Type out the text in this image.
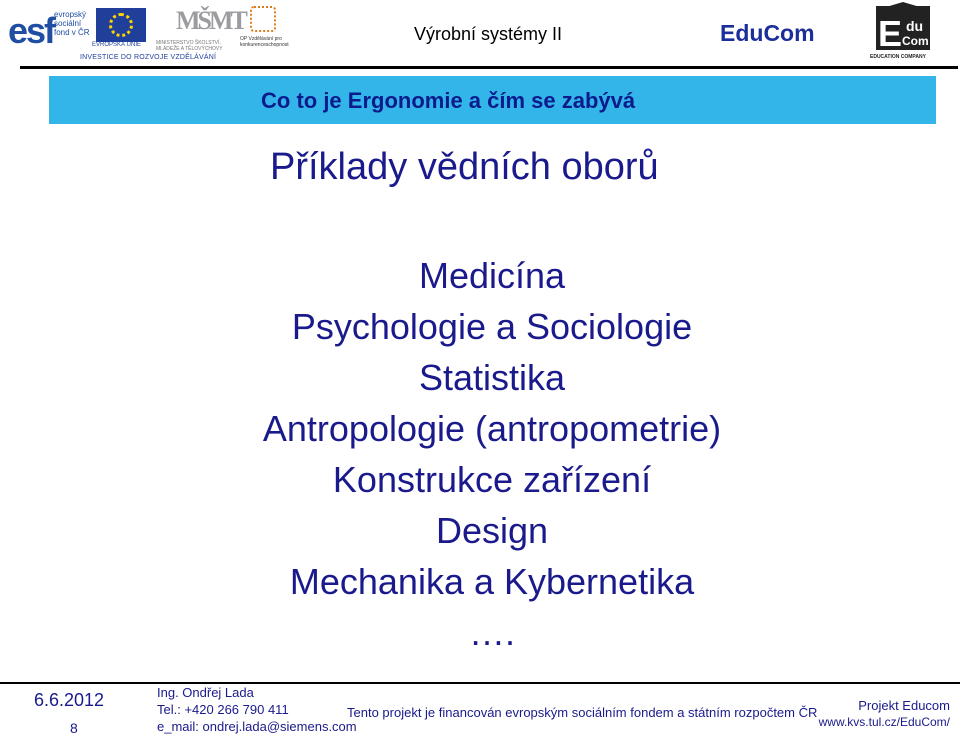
esf evropský sociální fond v ČR
EVROPSKÁ UNIE
MŠMT
MINISTERSTVO ŠKOLSTVÍ, MLÁDEŽE A TĚLOVÝCHOVY
OP Vzdělávání pro konkurenceschopnost
INVESTICE DO ROZVOJE VZDĚLÁVÁNÍ
Výrobní systémy II	EduCom E du
Com
EDUCATION COMPANY
Co to je Ergonomie a čím se zabývá
Příklady vědních oborů
Medicína
Psychologie a Sociologie
Statistika
Antropologie (antropometrie)
Konstrukce zařízení
Design
Mechanika a Kybernetika
….
6.6.2012
8
Ing. Ondřej Lada
Tel.: +420 266 790 411
e_mail: ondrej.lada@siemens.com
Tento projekt je financován evropským sociálním fondem a státním rozpočtem ČR	Projekt Educom
www.kvs.tul.cz/EduCom/
